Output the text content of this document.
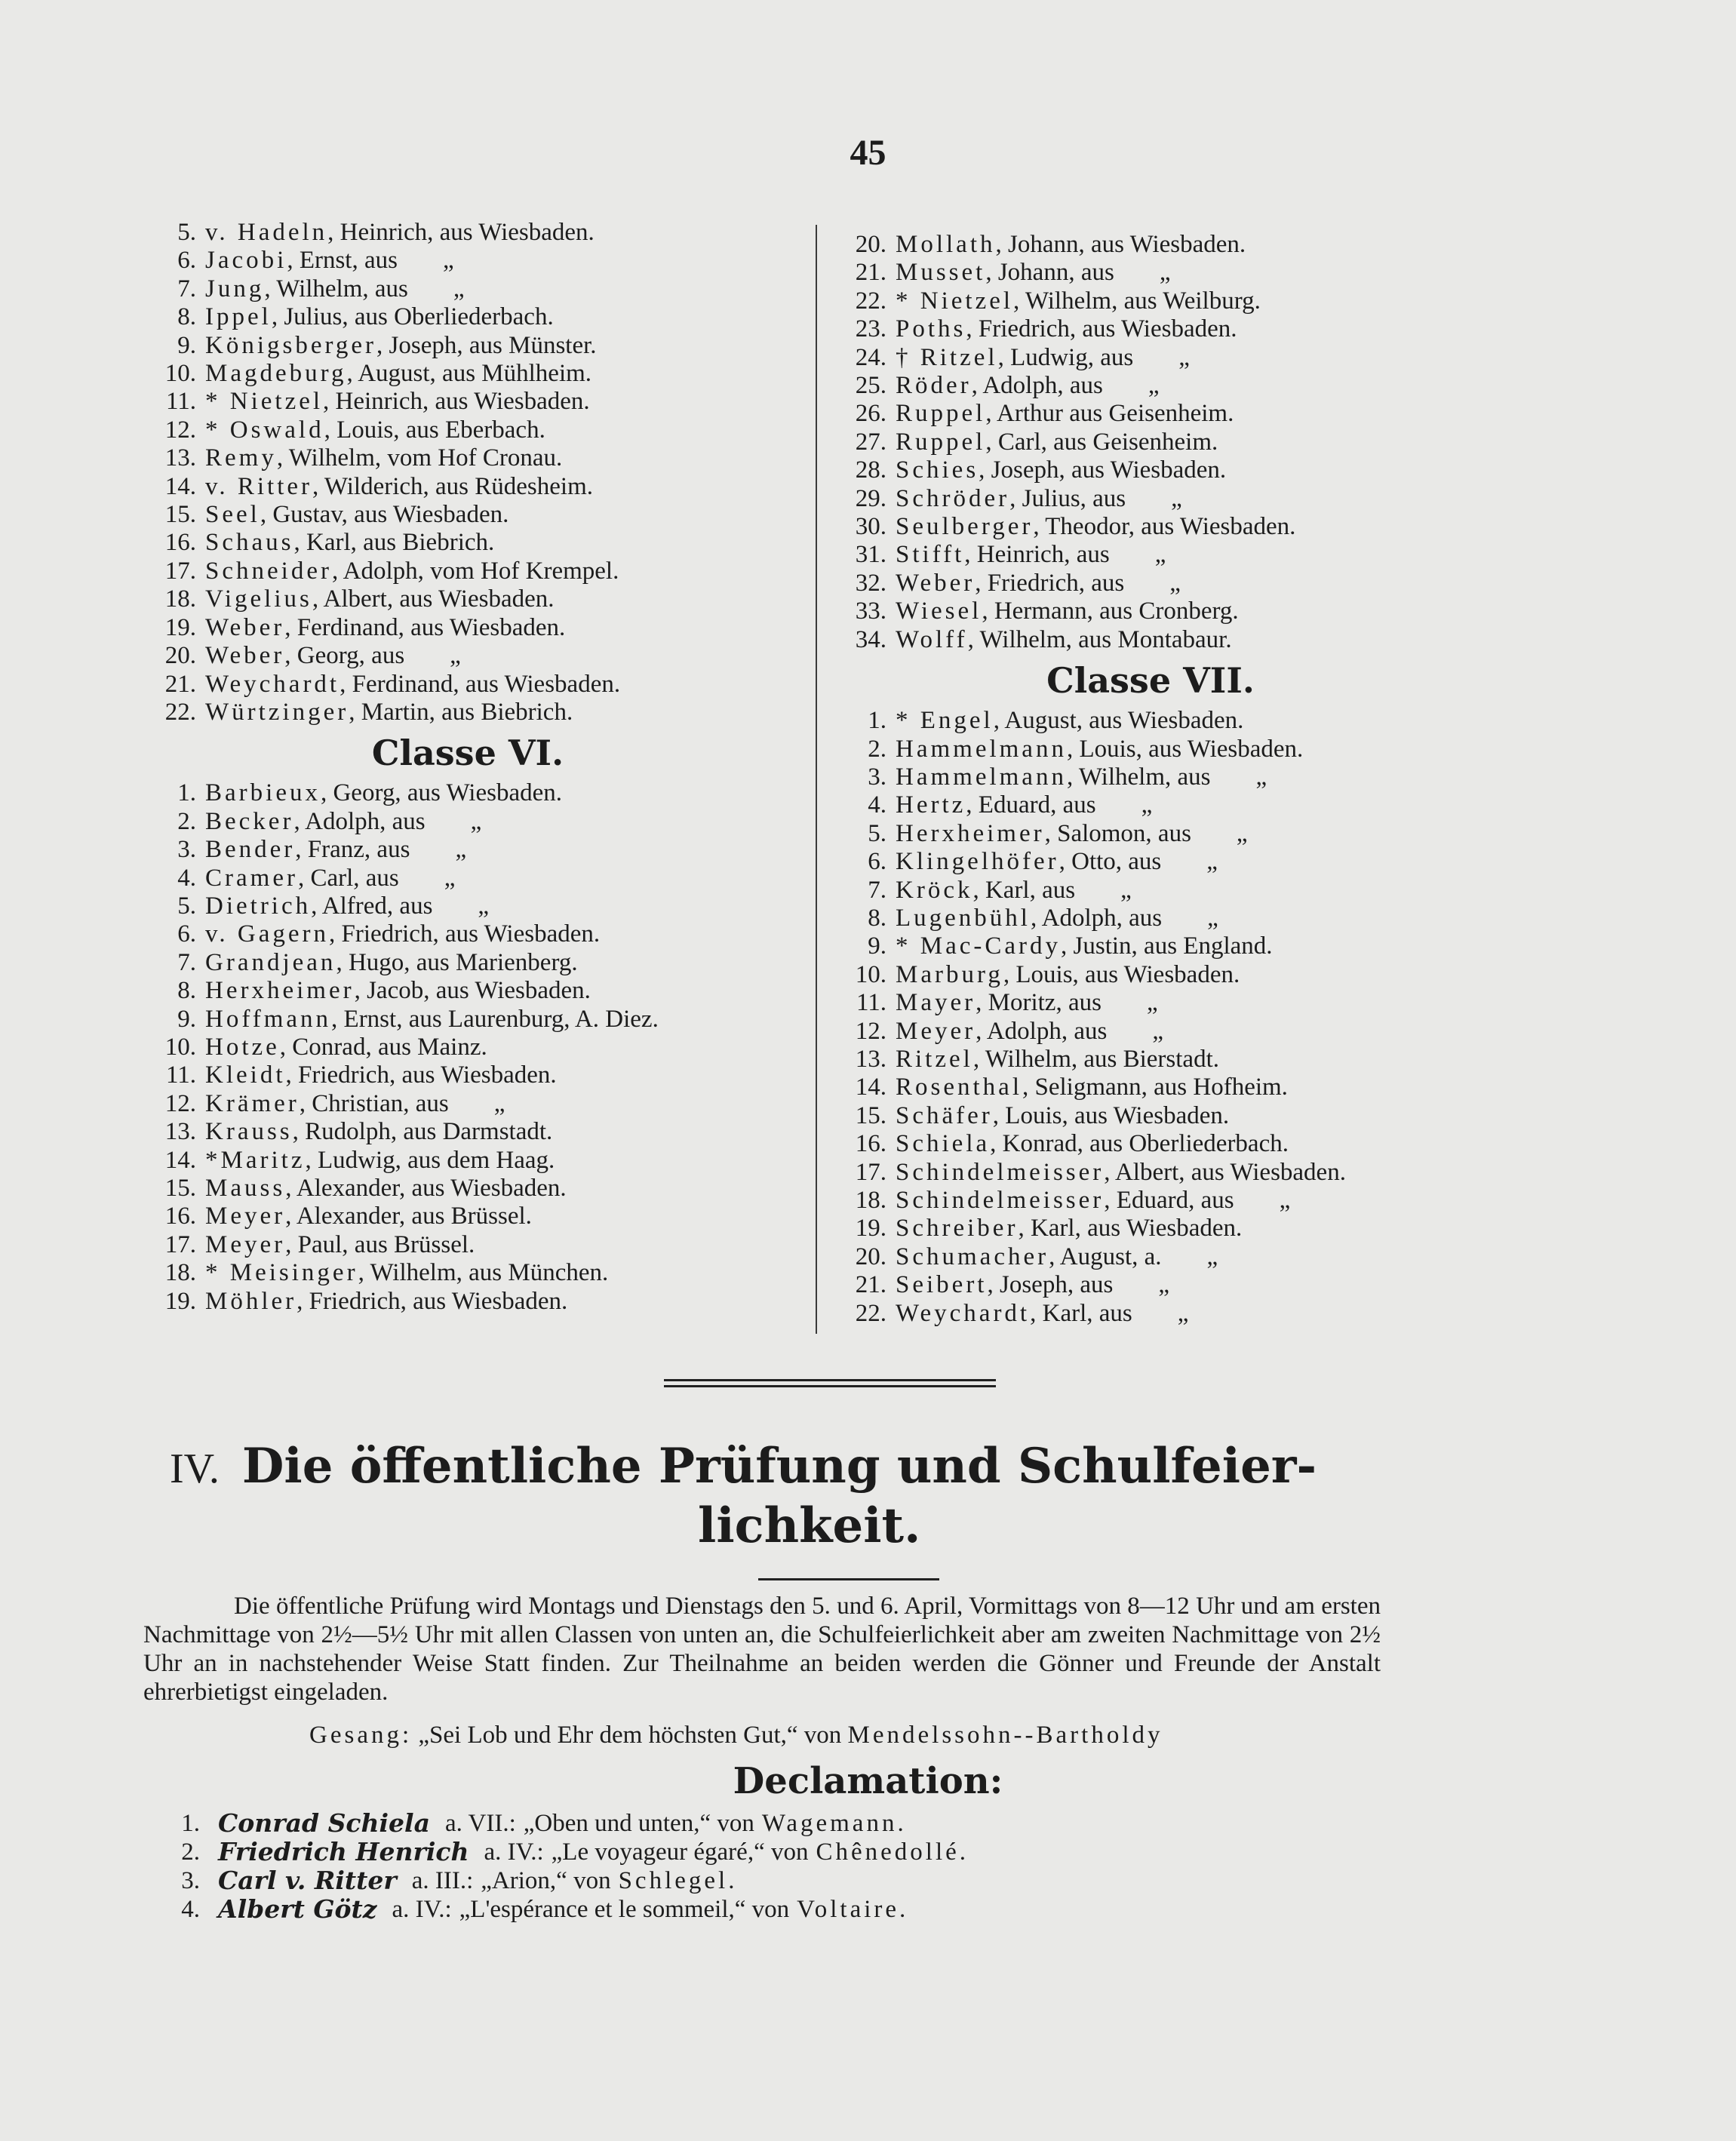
45
5. v. Hadeln , Heinrich, aus Wiesbaden.
6. Jacobi , Ernst, aus „
7. Jung , Wilhelm, aus „
8. Ippel , Julius, aus Oberliederbach.
9. Königsberger , Joseph, aus Münster.
10. Magdeburg , August, aus Mühlheim.
11. * Nietzel , Heinrich, aus Wiesbaden.
12. * Oswald , Louis, aus Eberbach.
13. Remy , Wilhelm, vom Hof Cronau.
14. v. Ritter , Wilderich, aus Rüdesheim.
15. Seel , Gustav, aus Wiesbaden.
16. Schaus , Karl, aus Biebrich.
17. Schneider , Adolph, vom Hof Krempel.
18. Vigelius , Albert, aus Wiesbaden.
19. Weber , Ferdinand, aus Wiesbaden.
20. Weber , Georg, aus „
21. Weychardt , Ferdinand, aus Wiesbaden.
22. Würtzinger , Martin, aus Biebrich.
Classe VI.
1. Barbieux , Georg, aus Wiesbaden.
2. Becker , Adolph, aus „
3. Bender , Franz, aus „
4. Cramer , Carl, aus „
5. Dietrich , Alfred, aus „
6. v. Gagern , Friedrich, aus Wiesbaden.
7. Grandjean , Hugo, aus Marienberg.
8. Herxheimer , Jacob, aus Wiesbaden.
9. Hoffmann , Ernst, aus Laurenburg, A. Diez.
10. Hotze , Conrad, aus Mainz.
11. Kleidt , Friedrich, aus Wiesbaden.
12. Krämer , Christian, aus „
13. Krauss , Rudolph, aus Darmstadt.
14. *Maritz , Ludwig, aus dem Haag.
15. Mauss , Alexander, aus Wiesbaden.
16. Meyer , Alexander, aus Brüssel.
17. Meyer , Paul, aus Brüssel.
18. * Meisinger , Wilhelm, aus München.
19. Möhler , Friedrich, aus Wiesbaden.
20. Mollath , Johann, aus Wiesbaden.
21. Musset , Johann, aus „
22. * Nietzel , Wilhelm, aus Weilburg.
23. Poths , Friedrich, aus Wiesbaden.
24. † Ritzel , Ludwig, aus „
25. Röder , Adolph, aus „
26. Ruppel , Arthur aus Geisenheim.
27. Ruppel , Carl, aus Geisenheim.
28. Schies , Joseph, aus Wiesbaden.
29. Schröder , Julius, aus „
30. Seulberger , Theodor, aus Wiesbaden.
31. Stifft , Heinrich, aus „
32. Weber , Friedrich, aus „
33. Wiesel , Hermann, aus Cronberg.
34. Wolff , Wilhelm, aus Montabaur.
Classe VII.
1. * Engel , August, aus Wiesbaden.
2. Hammelmann , Louis, aus Wiesbaden.
3. Hammelmann , Wilhelm, aus „
4. Hertz , Eduard, aus „
5. Herxheimer , Salomon, aus „
6. Klingelhöfer , Otto, aus „
7. Kröck , Karl, aus „
8. Lugenbühl , Adolph, aus „
9. * Mac-Cardy , Justin, aus England.
10. Marburg , Louis, aus Wiesbaden.
11. Mayer , Moritz, aus „
12. Meyer , Adolph, aus „
13. Ritzel , Wilhelm, aus Bierstadt.
14. Rosenthal , Seligmann, aus Hofheim.
15. Schäfer , Louis, aus Wiesbaden.
16. Schiela , Konrad, aus Oberliederbach.
17. Schindelmeisser , Albert, aus Wiesbaden.
18. Schindelmeisser , Eduard, aus „
19. Schreiber , Karl, aus Wiesbaden.
20. Schumacher , August, a. „
21. Seibert , Joseph, aus „
22. Weychardt , Karl, aus „
IV. Die öffentliche Prüfung und Schulfeier-
lichkeit.
Die öffentliche Prüfung wird Montags und Dienstags den 5. und 6. April, Vormittags von 8—12 Uhr und am ersten Nachmittage von 2½—5½ Uhr mit allen Classen von unten an, die Schulfeierlichkeit aber am zweiten Nachmittage von 2½ Uhr an in nachstehender Weise Statt finden. Zur Theilnahme an beiden werden die Gönner und Freunde der Anstalt ehrerbietigst eingeladen.
Gesang: „Sei Lob und Ehr dem höchsten Gut,“ von Mendelssohn--Bartholdy
Declamation:
1. Conrad Schiela a. VII.: „Oben und unten,“ von Wagemann.
2. Friedrich Henrich a. IV.: „Le voyageur égaré,“ von Chênedollé.
3. Carl v. Ritter a. III.: „Arion,“ von Schlegel.
4. Albert Götz a. IV.: „L'espérance et le sommeil,“ von Voltaire.
